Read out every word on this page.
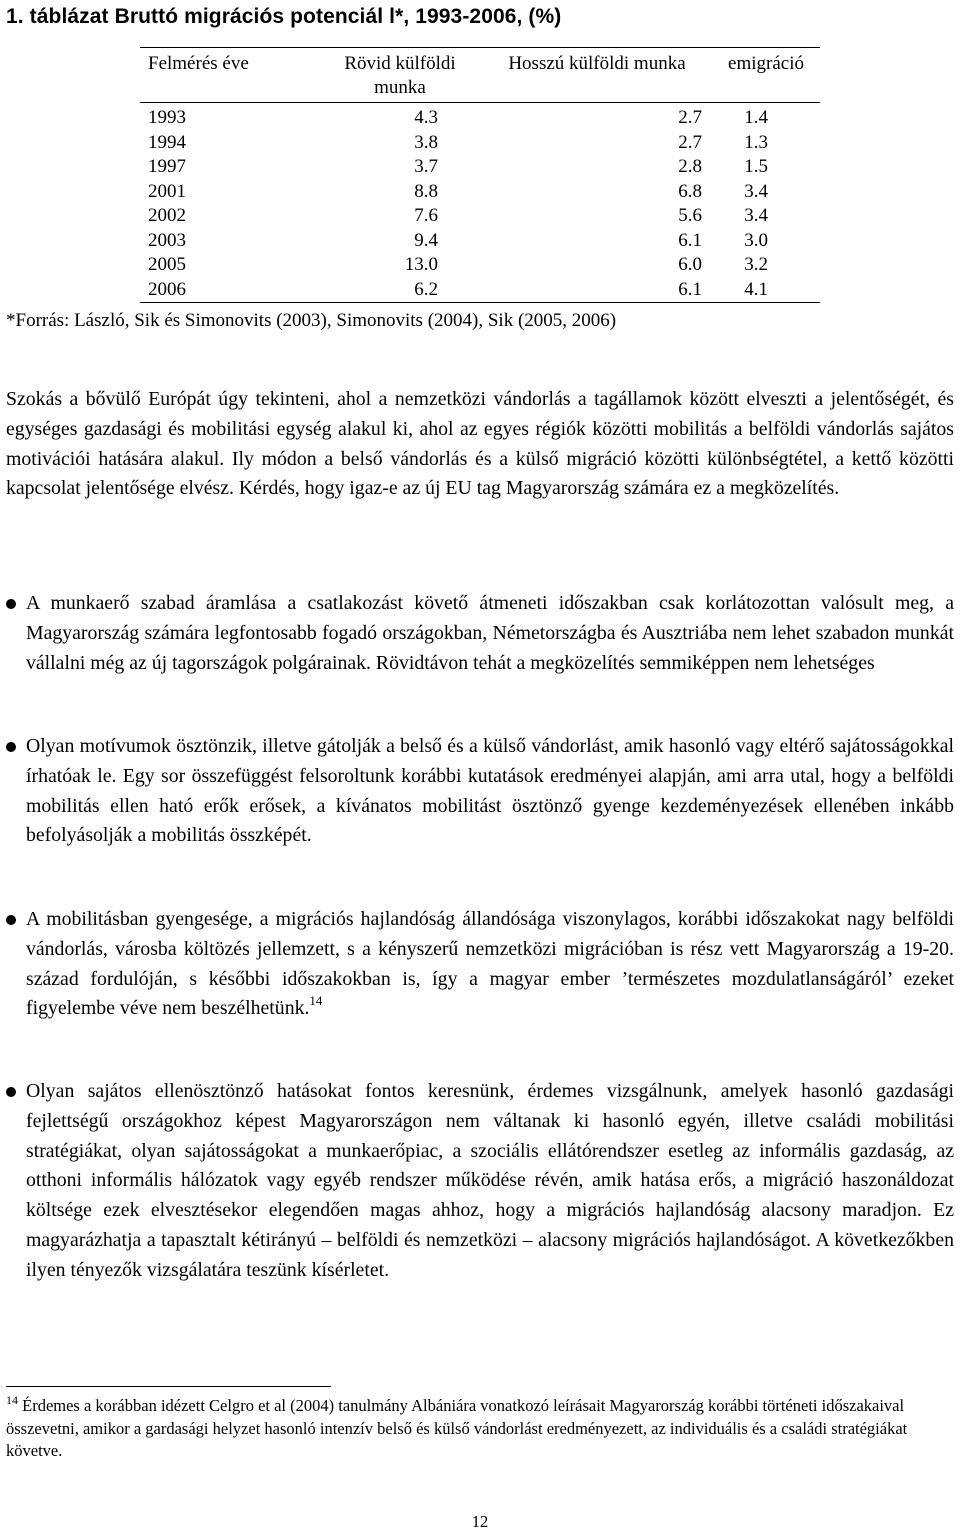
1. táblázat Bruttó migrációs potenciál l*, 1993-2006, (%)
Felmérés éve	Rövid külföldi munka	Hosszú külföldi munka	emigráció
1993	4.3	2.7	1.4
1994	3.8	2.7	1.3
1997	3.7	2.8	1.5
2001	8.8	6.8	3.4
2002	7.6	5.6	3.4
2003	9.4	6.1	3.0
2005	13.0	6.0	3.2
2006	6.2	6.1	4.1
*Forrás: László, Sik és Simonovits (2003), Simonovits (2004), Sik (2005, 2006)
Szokás a bővülő Európát úgy tekinteni, ahol a nemzetközi vándorlás a tagállamok között elveszti a jelentőségét, és egységes gazdasági és mobilitási egység alakul ki, ahol az egyes régiók közötti mobilitás a belföldi vándorlás sajátos motivációi hatására alakul. Ily módon a belső vándorlás és a külső migráció közötti különbségtétel, a kettő közötti kapcsolat jelentősége elvész. Kérdés, hogy igaz-e az új EU tag Magyarország számára ez a megközelítés.
A munkaerő szabad áramlása a csatlakozást követő átmeneti időszakban csak korlátozottan valósult meg, a Magyarország számára legfontosabb fogadó országokban, Németországba és Ausztriába nem lehet szabadon munkát vállalni még az új tagországok polgárainak. Rövidtávon tehát a megközelítés semmiképpen nem lehetséges
Olyan motívumok ösztönzik, illetve gátolják a belső és a külső vándorlást, amik hasonló vagy eltérő sajátosságokkal írhatóak le. Egy sor összefüggést felsoroltunk korábbi kutatások eredményei alapján, ami arra utal, hogy a belföldi mobilitás ellen ható erők erősek, a kívánatos mobilitást ösztönző gyenge kezdeményezések ellenében inkább befolyásolják a mobilitás összképét.
A mobilitásban gyengesége, a migrációs hajlandóság állandósága viszonylagos, korábbi időszakokat nagy belföldi vándorlás, városba költözés jellemzett, s a kényszerű nemzetközi migrációban is rész vett Magyarország a 19-20. század fordulóján, s későbbi időszakokban is, így a magyar ember ’természetes mozdulatlanságáról’ ezeket figyelembe véve nem beszélhetünk.$^{14}$
Olyan sajátos ellenösztönző hatásokat fontos keresnünk, érdemes vizsgálnunk, amelyek hasonló gazdasági fejlettségű országokhoz képest Magyarországon nem váltanak ki hasonló egyén, illetve családi mobilitási stratégiákat, olyan sajátosságokat a munkaerőpiac, a szociális ellátórendszer esetleg az informális gazdaság, az otthoni informális hálózatok vagy egyéb rendszer működése révén, amik hatása erős, a migráció haszonáldozat költsége ezek elvesztésekor elegendően magas ahhoz, hogy a migrációs hajlandóság alacsony maradjon. Ez magyarázhatja a tapasztalt kétirányú – belföldi és nemzetközi – alacsony migrációs hajlandóságot. A következőkben ilyen tényezők vizsgálatára teszünk kísérletet.
$^{14}$ Érdemes a korábban idézett Celgro et al (2004) tanulmány Albániára vonatkozó leírásait Magyarország korábbi történeti időszakaival összevetni, amikor a gardasági helyzet hasonló intenzív belső és külső vándorlást eredményezett, az individuális és a családi stratégiákat követve.
12
